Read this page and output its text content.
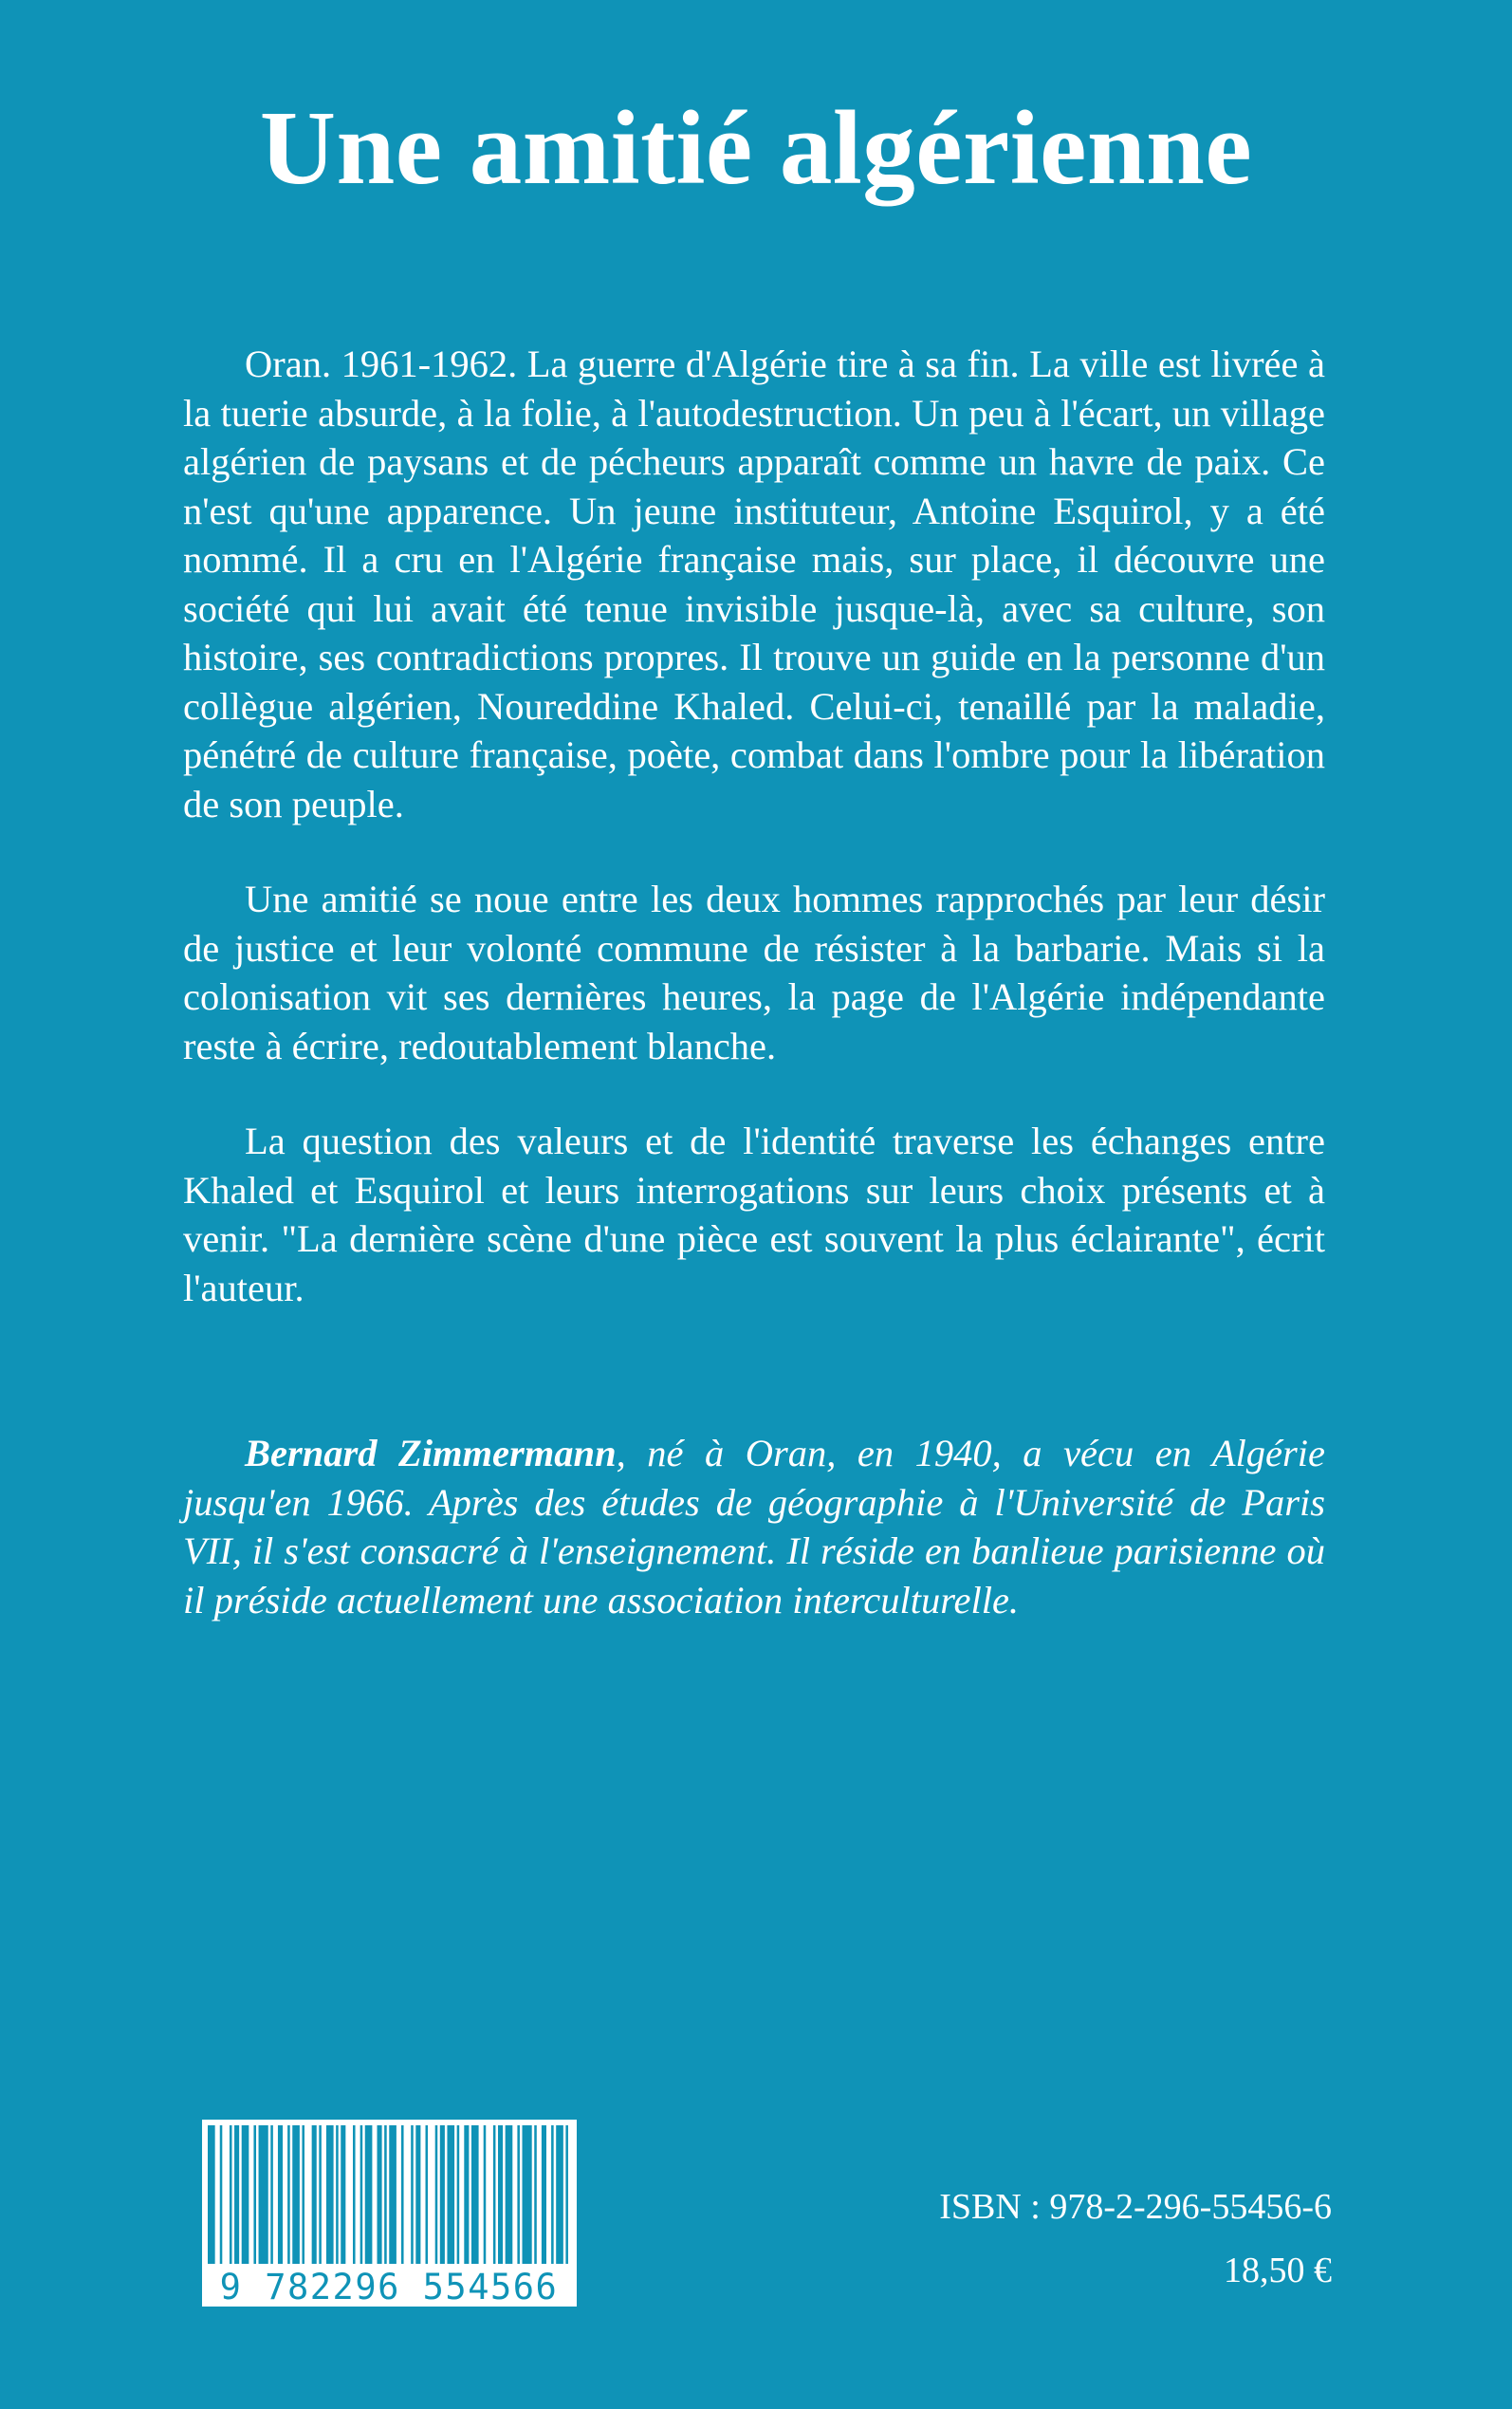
Une amitié algérienne

Oran. 1961-1962. La guerre d'Algérie tire à sa fin. La ville est livrée à la tuerie absurde, à la folie, à l'autodestruction. Un peu à l'écart, un village algérien de paysans et de pécheurs apparaît comme un havre de paix. Ce n'est qu'une apparence. Un jeune instituteur, Antoine Esquirol, y a été nommé. Il a cru en l'Algérie française mais, sur place, il découvre une société qui lui avait été tenue invisible jusque-là, avec sa culture, son histoire, ses contradictions propres. Il trouve un guide en la personne d'un collègue algérien, Noureddine Khaled. Celui-ci, tenaillé par la maladie, pénétré de culture française, poète, combat dans l'ombre pour la libération de son peuple.

Une amitié se noue entre les deux hommes rapprochés par leur désir de justice et leur volonté commune de résister à la barbarie. Mais si la colonisation vit ses dernières heures, la page de l'Algérie indépendante reste à écrire, redoutablement blanche.

La question des valeurs et de l'identité traverse les échanges entre Khaled et Esquirol et leurs interrogations sur leurs choix présents et à venir. "La dernière scène d'une pièce est souvent la plus éclairante", écrit l'auteur.

Bernard Zimmermann, né à Oran, en 1940, a vécu en Algérie jusqu'en 1966. Après des études de géographie à l'Université de Paris VII, il s'est consacré à l'enseignement. Il réside en banlieue parisienne où il préside actuellement une association interculturelle.
9 782296 554566
ISBN : 978-2-296-55456-6
18,50 €
